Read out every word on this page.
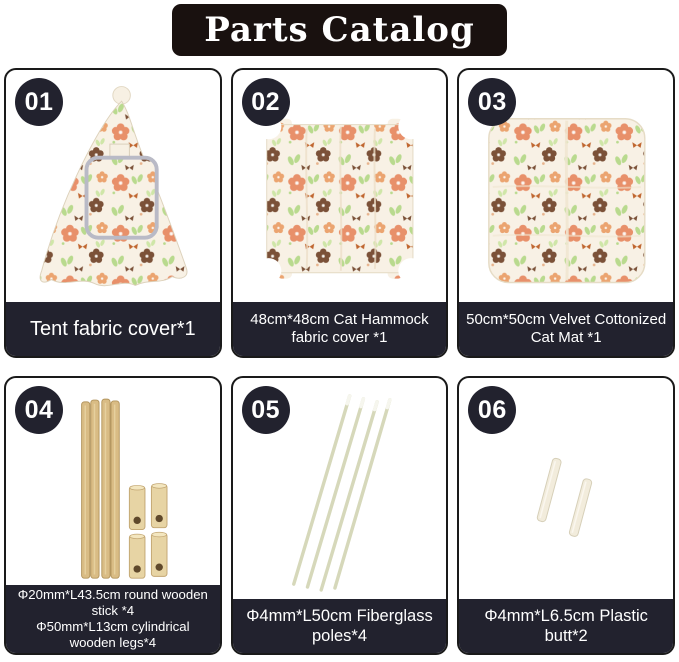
Parts Catalog
01
Tent fabric cover*1
02
48cm*48cm Cat Hammock
fabric cover *1
03
50cm*50cm Velvet Cottonized
Cat Mat *1
04
Φ20mm*L43.5cm round wooden stick *4
Φ50mm*L13cm cylindrical wooden legs*4
05
Φ4mm*L50cm Fiberglass poles*4
06
Φ4mm*L6.5cm Plastic butt*2
